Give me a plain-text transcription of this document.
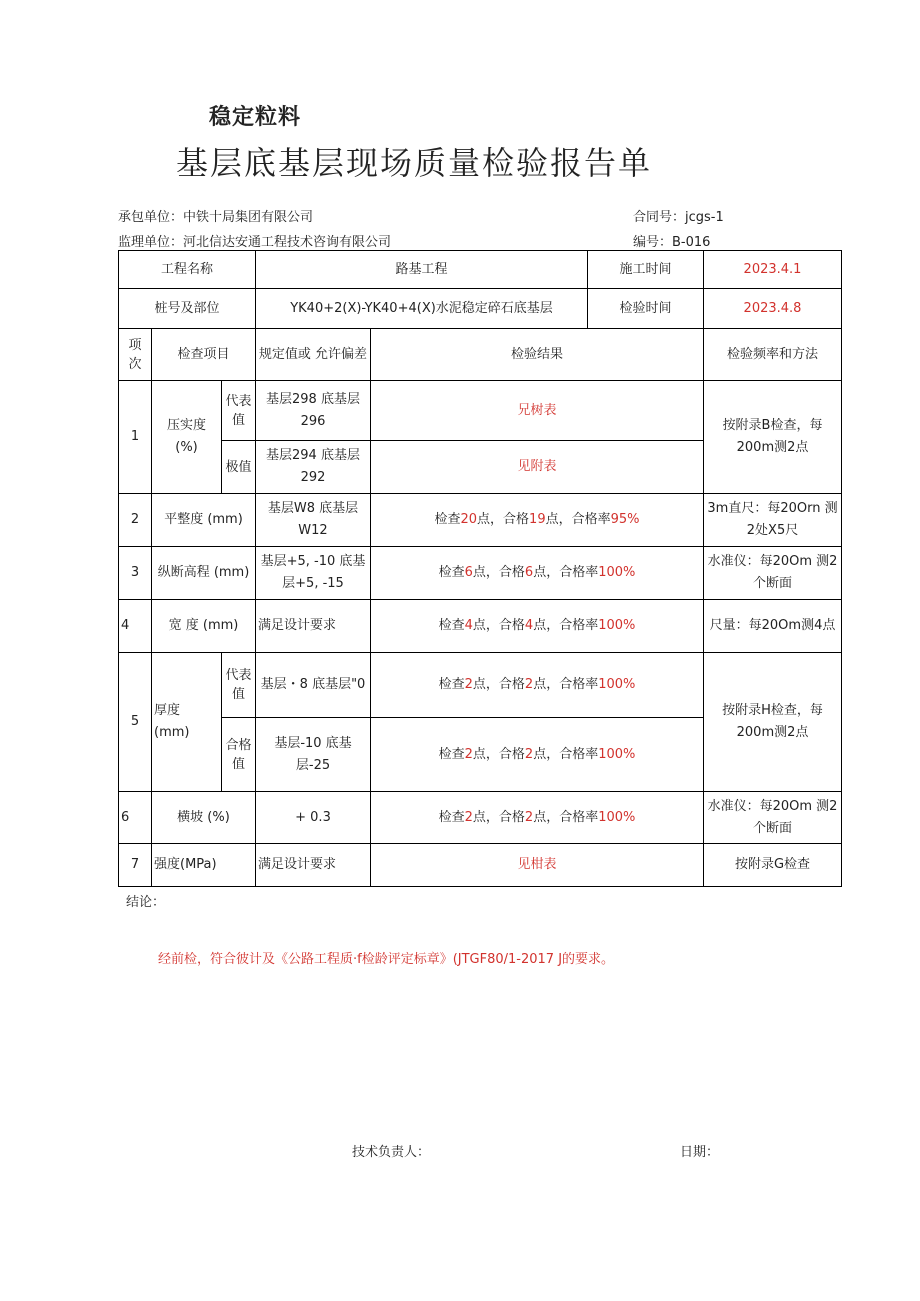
稳定粒料
基层底基层现场质量检验报告单
承包单位：中铁十局集团有限公司	合同号：jcgs-1
监理单位：河北信达安通工程技术咨询有限公司	编号：B-016
工程名称			路基工程		施工时间	2023.4.1
桩号及部位			YK40+2(X)-YK40+4(X)水泥稳定碎石底基层		检验时间	2023.4.8
项
次	检查项目		规定值或 允许偏差	检验结果		检验频率和方法
1	压实度 (%)	代表值	基层298 底基层296	兄树表		按附录B检查，每200m测2点
		极值	基层294 底基层292	见附表		
2	平整度 (mm)		基层W8 底基层W12	检查20点，合格19点，合格率95%		3m直尺：每20Orn 测2处X5尺
3	纵断高程 (mm)		基层+5, -10 底基层+5, -15	检查6点，合格6点，合格率100%		水准仪：每20Om 测2个断面
4	宽 度 (mm)		满足设计要求	检查4点，合格4点，合格率100%		尺量：每20Om测4点
5	厚度 (mm)	代表值	基层・8 底基层"0	检查2点，合格2点，合格率100%		按附录H检查，每200m测2点
		合格值	基层-10 底基层-25	检查2点，合格2点，合格率100%		
6	横坡 (%)		+ 0.3	检查2点，合格2点，合格率100%		水准仪：每20Om 测2个断面
7	强度(MPa)		满足设计要求	见柑表		按附录G检查
结论：
经前检，符合彼计及《公路工程质·f检龄评定标章》(JTGF80/1-2017 J的要求。
技术负责人：	日期：
